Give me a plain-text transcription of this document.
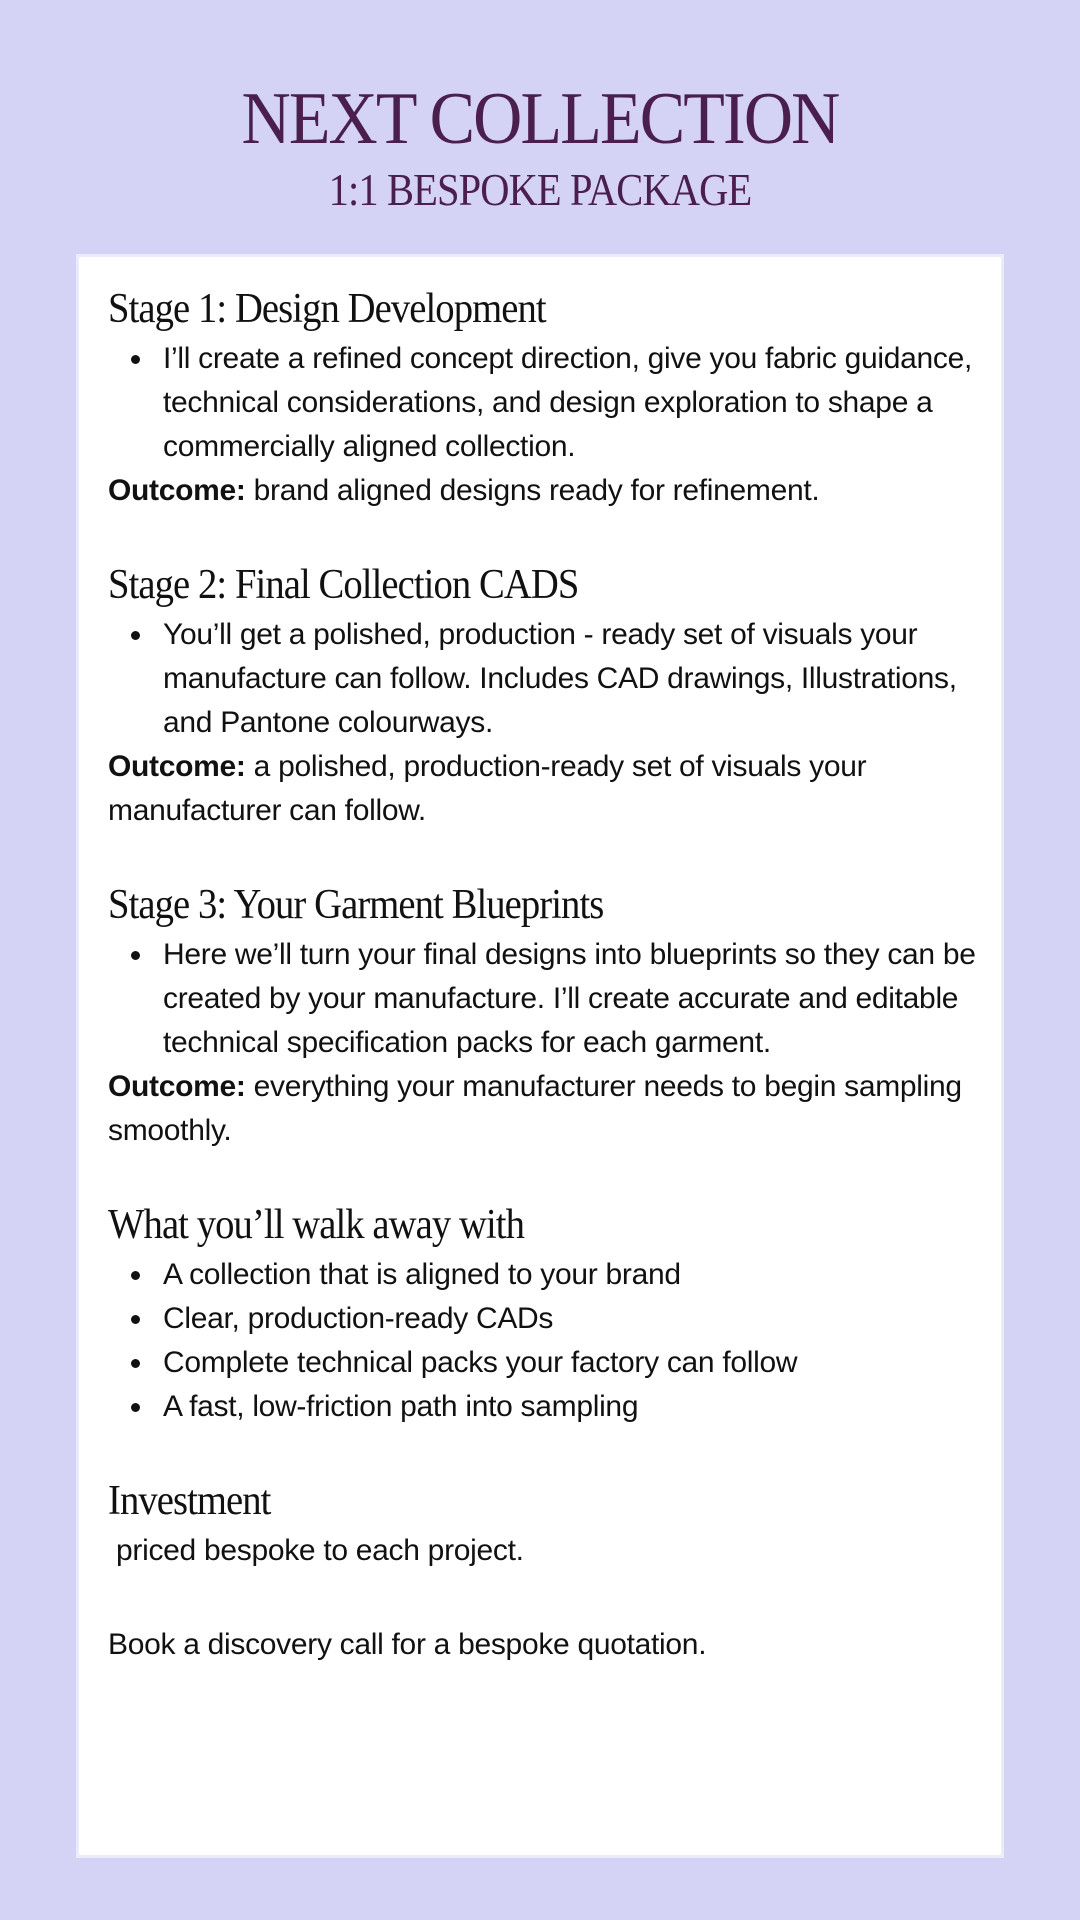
NEXT COLLECTION
1:1 BESPOKE PACKAGE
Stage 1: Design Development
I’ll create a refined concept direction, give you fabric guidance, technical considerations, and design exploration to shape a commercially aligned collection.
Outcome: brand aligned designs ready for refinement.
Stage 2: Final Collection CADS
You’ll get a polished, production - ready set of visuals your manufacture can follow. Includes CAD drawings, Illustrations, and Pantone colourways.
Outcome: a polished, production-ready set of visuals your manufacturer can follow.
Stage 3: Your Garment Blueprints
Here we’ll turn your final designs into blueprints so they can be created by your manufacture. I’ll create accurate and editable technical specification packs for each garment.
Outcome: everything your manufacturer needs to begin sampling smoothly.
What you’ll walk away with
A collection that is aligned to your brand
Clear, production-ready CADs
Complete technical packs your factory can follow
A fast, low-friction path into sampling
Investment
priced bespoke to each project.
Book a discovery call for a bespoke quotation.
